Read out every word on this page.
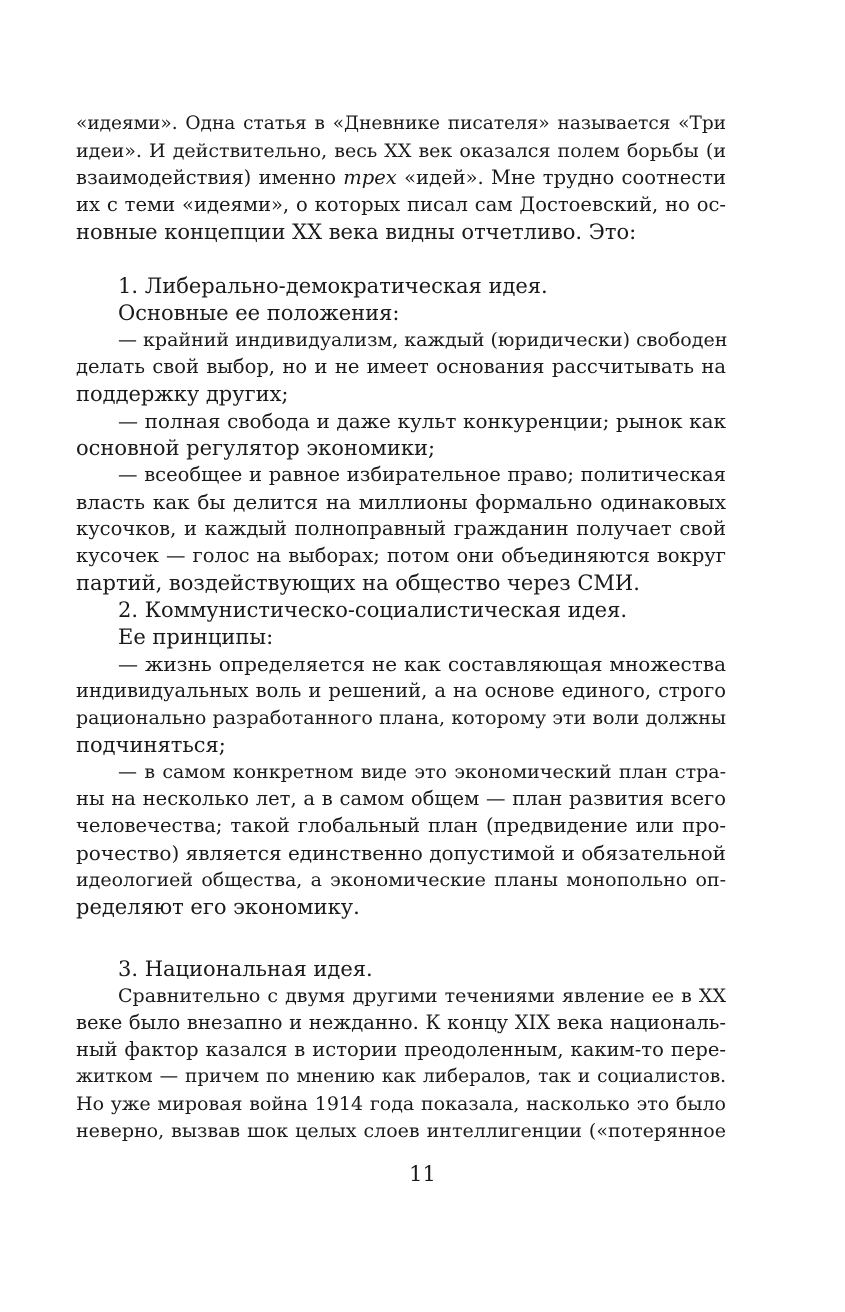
«идеями». Одна статья в «Дневнике писателя» называется «Три
идеи». И действительно, весь XX век оказался полем борьбы (и
взаимодействия) именно трех «идей». Мне трудно соотнести
их с теми «идеями», о которых писал сам Достоевский, но ос-
новные концепции XX века видны отчетливо. Это:
1. Либерально-демократическая идея.
Основные ее положения:
— крайний индивидуализм, каждый (юридически) свободен
делать свой выбор, но и не имеет основания рассчитывать на
поддержку других;
— полная свобода и даже культ конкуренции; рынок как
основной регулятор экономики;
— всеобщее и равное избирательное право; политическая
власть как бы делится на миллионы формально одинаковых
кусочков, и каждый полноправный гражданин получает свой
кусочек — голос на выборах; потом они объединяются вокруг
партий, воздействующих на общество через СМИ.
2. Коммунистическо-социалистическая идея.
Ее принципы:
— жизнь определяется не как составляющая множества
индивидуальных воль и решений, а на основе единого, строго
рационально разработанного плана, которому эти воли должны
подчиняться;
— в самом конкретном виде это экономический план стра-
ны на несколько лет, а в самом общем — план развития всего
человечества; такой глобальный план (предвидение или про-
рочество) является единственно допустимой и обязательной
идеологией общества, а экономические планы монопольно оп-
ределяют его экономику.
3. Национальная идея.
Сравнительно с двумя другими течениями явление ее в XX
веке было внезапно и нежданно. К концу XIX века националь-
ный фактор казался в истории преодоленным, каким-то пере-
житком — причем по мнению как либералов, так и социалистов.
Но уже мировая война 1914 года показала, насколько это было
неверно, вызвав шок целых слоев интеллигенции («потерянное
11
